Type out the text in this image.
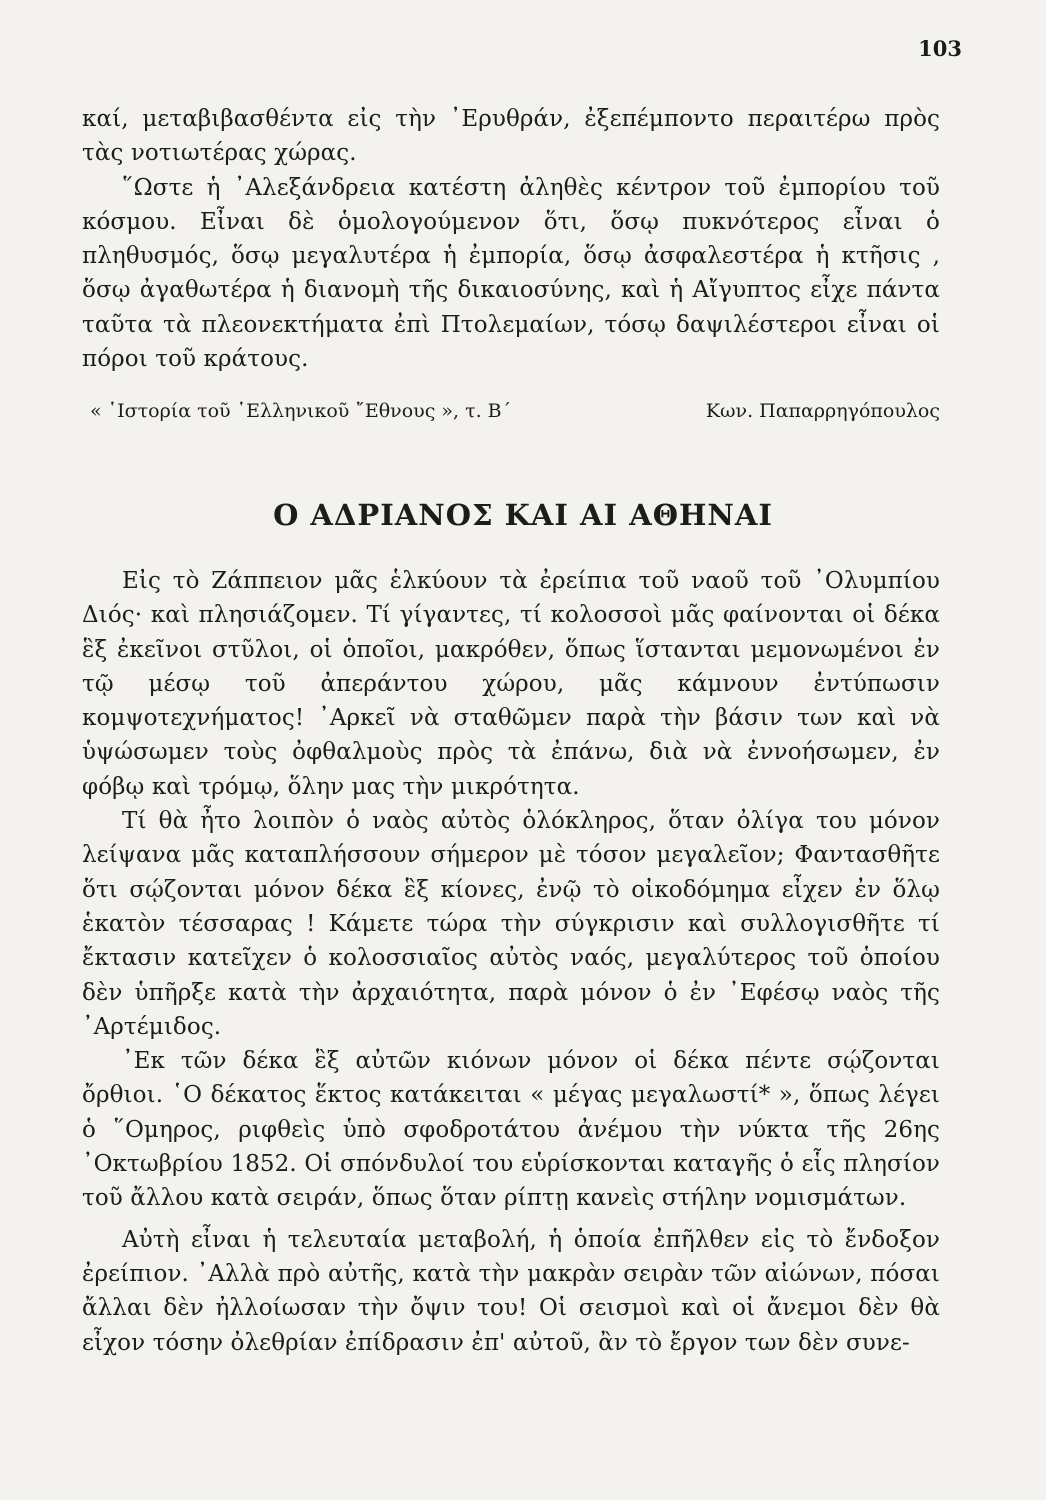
103

καί, μεταβιβασθέντα εἰς τὴν ᾿Ερυθράν, ἐξεπέμποντο περαιτέρω πρὸς τὰς νοτιωτέρας χώρας.

῞Ωστε ἡ ᾿Αλεξάνδρεια κατέστη ἀληθὲς κέντρον τοῦ ἐμπορίου τοῦ κόσμου. Εἶναι δὲ ὁμολογούμενον ὅτι, ὅσῳ πυκνότερος εἶναι ὁ πληθυσμός, ὅσῳ μεγαλυτέρα ἡ ἐμπορία, ὅσῳ ἀσφαλεστέρα ἡ κτῆσις , ὅσῳ ἀγαθωτέρα ἡ διανομὴ τῆς δικαιοσύνης, καὶ ἡ Αἴγυπτος εἶχε πάντα ταῦτα τὰ πλεονεκτήματα ἐπὶ Πτολεμαίων, τόσῳ δαψιλέστεροι εἶναι οἱ πόροι τοῦ κράτους.

« ῾Ιστορία τοῦ ῾Ελληνικοῦ ῎Εθνους », τ. Β΄	Κων. Παπαρρηγόπουλος
Ο ΑΔΡΙΑΝΟΣ ΚΑΙ ΑΙ ΑΘΗΝΑΙ

Εἰς τὸ Ζάππειον μᾶς ἑλκύουν τὰ ἐρείπια τοῦ ναοῦ τοῦ ᾿Ολυμπίου Διός· καὶ πλησιάζομεν. Τί γίγαντες, τί κολοσσοὶ μᾶς φαίνονται οἱ δέκα ἓξ ἐκεῖνοι στῦλοι, οἱ ὁποῖοι, μακρόθεν, ὅπως ἵστανται μεμονωμένοι ἐν τῷ μέσῳ τοῦ ἀπεράντου χώρου, μᾶς κάμνουν ἐντύπωσιν κομψοτεχνήματος! ᾿Αρκεῖ νὰ σταθῶμεν παρὰ τὴν βάσιν των καὶ νὰ ὑψώσωμεν τοὺς ὀφθαλμοὺς πρὸς τὰ ἐπάνω, διὰ νὰ ἐννοήσωμεν, ἐν φόβῳ καὶ τρόμῳ, ὅλην μας τὴν μικρότητα.

Τί θὰ ἦτο λοιπὸν ὁ ναὸς αὐτὸς ὁλόκληρος, ὅταν ὀλίγα του μόνον λείψανα μᾶς καταπλήσσουν σήμερον μὲ τόσον μεγαλεῖον; Φαντασθῆτε ὅτι σῴζονται μόνον δέκα ἓξ κίονες, ἐνῷ τὸ οἰκοδόμημα εἶχεν ἐν ὅλῳ ἑκατὸν τέσσαρας ! Κάμετε τώρα τὴν σύγκρισιν καὶ συλλογισθῆτε τί ἔκτασιν κατεῖχεν ὁ κολοσσιαῖος αὐτὸς ναός, μεγαλύτερος τοῦ ὁποίου δὲν ὑπῆρξε κατὰ τὴν ἀρχαιότητα, παρὰ μόνον ὁ ἐν ᾿Εφέσῳ ναὸς τῆς ᾿Αρτέμιδος.

᾿Εκ τῶν δέκα ἓξ αὐτῶν κιόνων μόνον οἱ δέκα πέντε σῴζονται ὄρθιοι. ῾Ο δέκατος ἕκτος κατάκειται « μέγας μεγαλωστί* », ὅπως λέγει ὁ ῞Ομηρος, ριφθεὶς ὑπὸ σφοδροτάτου ἀνέμου τὴν νύκτα τῆς 26ης ᾿Οκτωβρίου 1852. Οἱ σπόνδυλοί του εὑρίσκονται καταγῆς ὁ εἷς πλησίον τοῦ ἄλλου κατὰ σειράν, ὅπως ὅταν ρίπτῃ κανεὶς στήλην νομισμάτων.

Αὐτὴ εἶναι ἡ τελευταία μεταβολή, ἡ ὁποία ἐπῆλθεν εἰς τὸ ἔνδοξον ἐρείπιον. ᾿Αλλὰ πρὸ αὐτῆς, κατὰ τὴν μακρὰν σειρὰν τῶν αἰώνων, πόσαι ἄλλαι δὲν ἠλλοίωσαν τὴν ὄψιν του! Οἱ σεισμοὶ καὶ οἱ ἄνεμοι δὲν θὰ εἶχον τόσην ὀλεθρίαν ἐπίδρασιν ἐπ' αὐτοῦ, ἂν τὸ ἔργον των δὲν συνε-
